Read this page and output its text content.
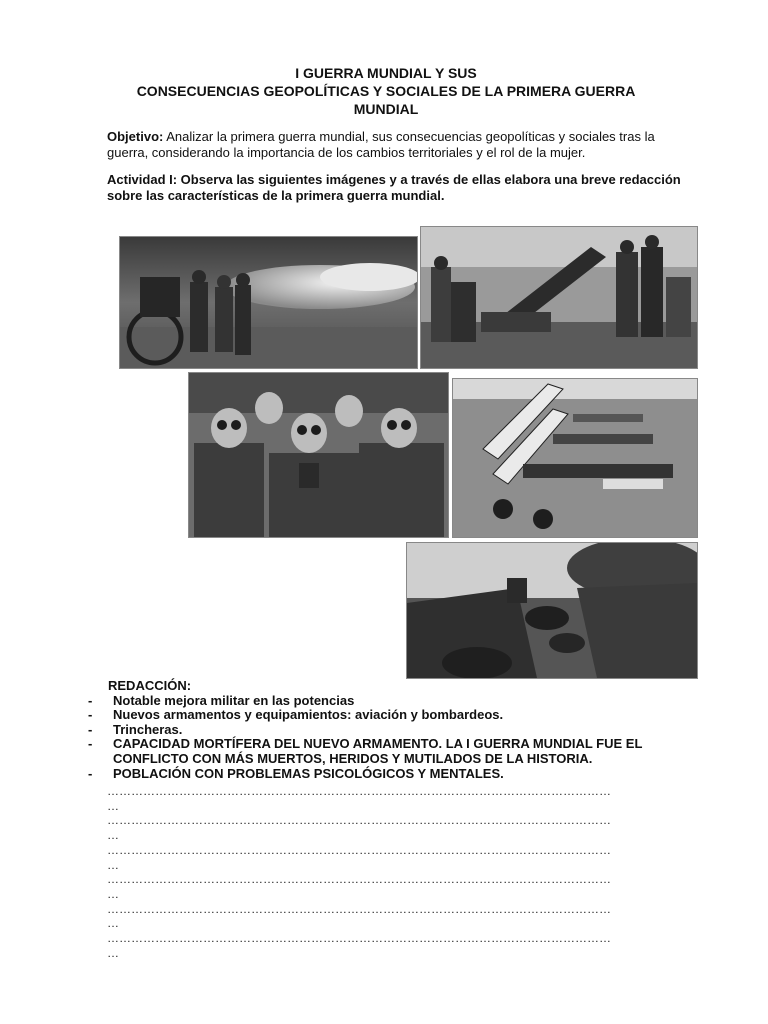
I GUERRA MUNDIAL Y SUS
CONSECUENCIAS GEOPOLÍTICAS Y SOCIALES DE LA PRIMERA GUERRA
MUNDIAL
Objetivo: Analizar la primera guerra mundial, sus consecuencias geopolíticas y sociales tras la guerra, considerando la importancia de los cambios territoriales y el rol de la mujer.
Actividad I: Observa las siguientes imágenes y a través de ellas elabora una breve redacción sobre las características de la primera guerra mundial.
REDACCIÓN:
- Notable mejora militar en las potencias
- Nuevos armamentos y equipamientos: aviación y bombardeos.
- Trincheras.
- CAPACIDAD MORTÍFERA DEL NUEVO ARMAMENTO. LA I GUERRA MUNDIAL FUE EL CONFLICTO CON MÁS MUERTOS, HERIDOS Y MUTILADOS DE LA HISTORIA.
- POBLACIÓN CON PROBLEMAS PSICOLÓGICOS Y MENTALES.
………………………………………………………………………………………………………………
…
………………………………………………………………………………………………………………
…
………………………………………………………………………………………………………………
…
………………………………………………………………………………………………………………
…
………………………………………………………………………………………………………………
…
………………………………………………………………………………………………………………
…
